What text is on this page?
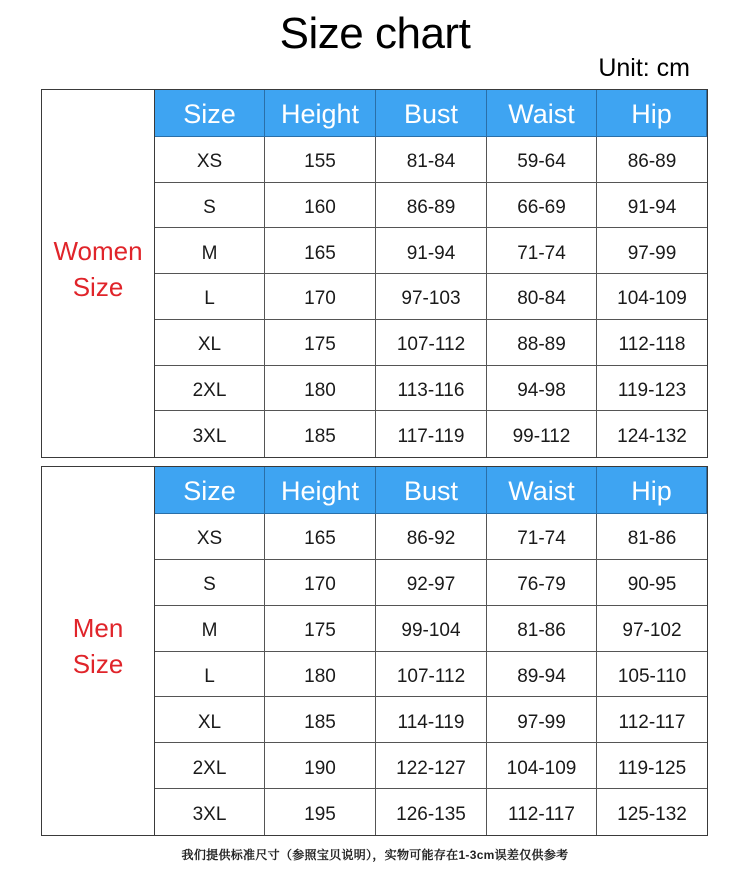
Size chart
Unit: cm
Women
Size
Size	Height	Bust	Waist	Hip
XS	155	81-84	59-64	86-89
S	160	86-89	66-69	91-94
M	165	91-94	71-74	97-99
L	170	97-103	80-84	104-109
XL	175	107-112	88-89	112-118
2XL	180	113-116	94-98	119-123
3XL	185	117-119	99-112	124-132
Men
Size
Size	Height	Bust	Waist	Hip
XS	165	86-92	71-74	81-86
S	170	92-97	76-79	90-95
M	175	99-104	81-86	97-102
L	180	107-112	89-94	105-110
XL	185	114-119	97-99	112-117
2XL	190	122-127	104-109	119-125
3XL	195	126-135	112-117	125-132
我们提供标准尺寸（参照宝贝说明），实物可能存在1-3cm误差仅供参考
